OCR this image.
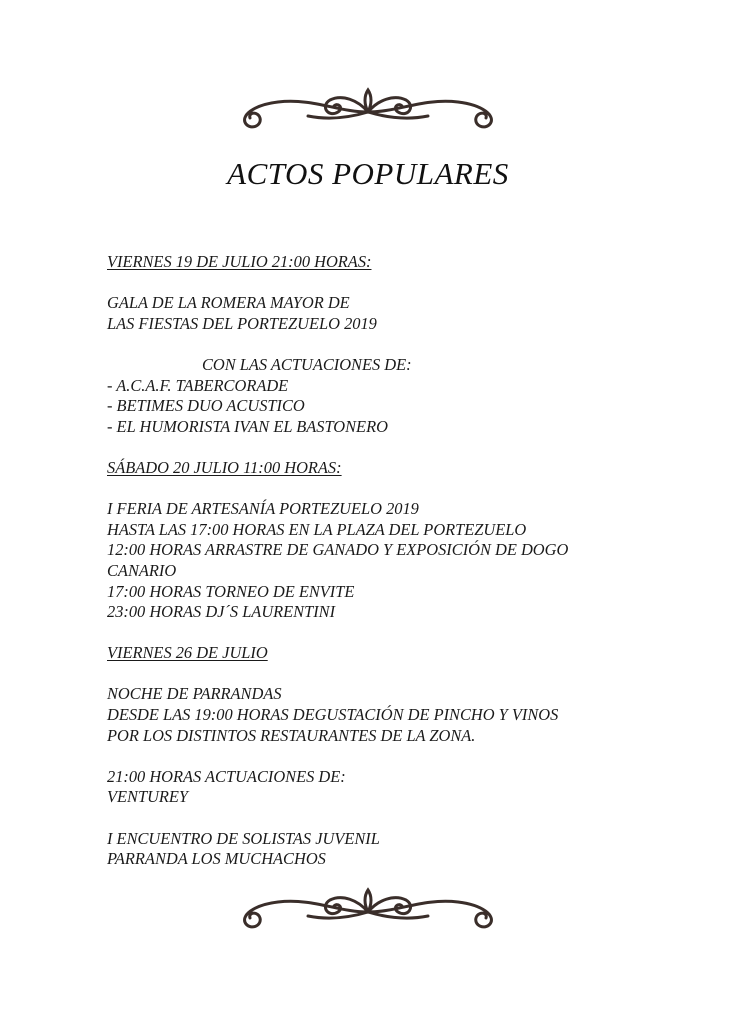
ACTOS POPULARES
VIERNES 19 DE JULIO 21:00 HORAS:
GALA DE LA ROMERA MAYOR DE
LAS FIESTAS DEL PORTEZUELO 2019
CON LAS ACTUACIONES DE:
- A.C.A.F. TABERCORADE
- BETIMES DUO ACUSTICO
- EL HUMORISTA IVAN EL BASTONERO
SÁBADO 20 JULIO 11:00 HORAS:
I FERIA DE ARTESANÍA PORTEZUELO 2019
HASTA LAS 17:00 HORAS EN LA PLAZA DEL PORTEZUELO
12:00 HORAS ARRASTRE DE GANADO Y EXPOSICIÓN DE DOGO
CANARIO
17:00 HORAS TORNEO DE ENVITE
23:00 HORAS DJ´S LAURENTINI
VIERNES 26 DE JULIO
NOCHE DE PARRANDAS
DESDE LAS 19:00 HORAS DEGUSTACIÓN DE PINCHO Y VINOS
POR LOS DISTINTOS RESTAURANTES DE LA ZONA.
21:00 HORAS ACTUACIONES DE:
VENTUREY
I ENCUENTRO DE SOLISTAS JUVENIL
PARRANDA LOS MUCHACHOS
